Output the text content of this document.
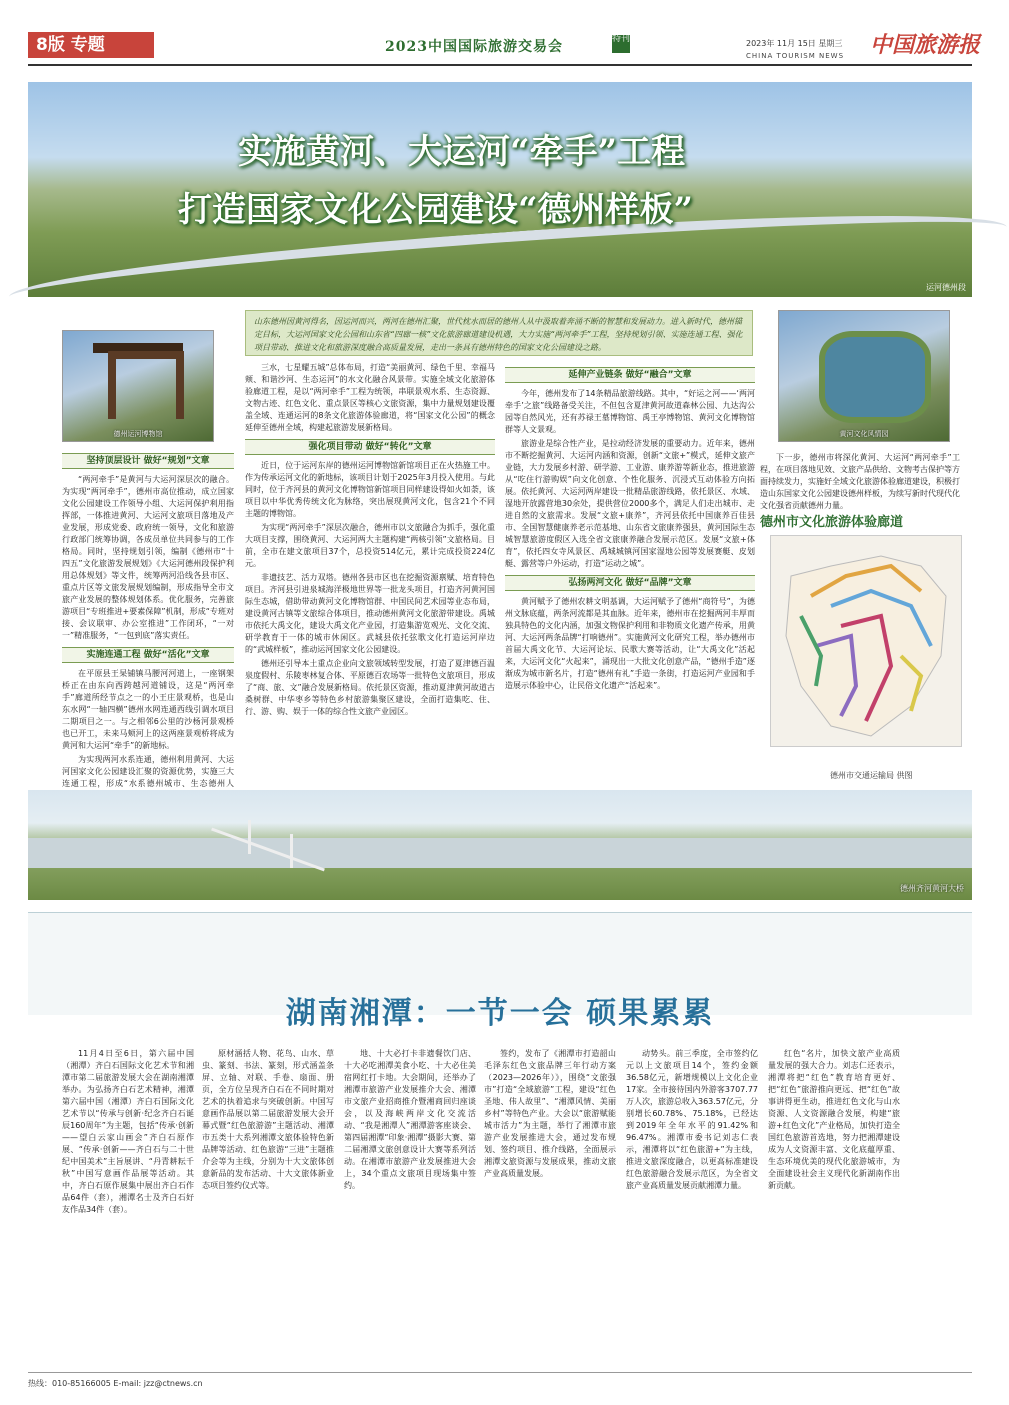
8版 专题	2023中国国际旅游交易会	特刊	2023年 11月 15日 星期三
CHINA TOURISM NEWS 中国旅游报
实施黄河、大运河“牵手”工程
打造国家文化公园建设“德州样板”
运河德州段
山东德州因黄河得名，因运河而兴，两河在德州汇聚，世代枕水而居的德州人从中汲取着奔涌不断的智慧和发展动力。进入新时代，德州锚定目标，大运河国家文化公园和山东省“四廊一核”文化旅游廊道建设机遇，大力实施“两河牵手”工程，坚持规划引领、实施连通工程、强化项目带动、推进文化和旅游深度融合高质量发展，走出一条具有德州特色的国家文化公园建设之路。
德州运河博物馆	黄河文化风情园
坚持顶层设计 做好“规划”文章

“两河牵手”是黄河与大运河深层次的融合。为实现“两河牵手”，德州市高位推动，成立国家文化公园建设工作领导小组、大运河保护利用指挥部，一体推进黄河、大运河文旅项目落地及产业发展，形成党委、政府统一领导，文化和旅游行政部门统筹协调，各成员单位共同参与的工作格局。同时，坚持规划引领，编制《德州市“十四五”文化旅游发展规划》《大运河德州段保护利用总体规划》等文件，统筹两河沿线各县市区、重点片区等文旅发展规划编制，形成指导全市文旅产业发展的整体规划体系。优化服务，完善旅游项目“专班推进+要素保障”机制，形成“专班对接、会议联审、办公室推进”工作闭环，“一对一”精准服务，“一包到底”落实责任。

实施连通工程 做好“活化”文章

在平原县王杲铺镇马腰河河道上，一座钢架桥正在由东向西跨越河道铺设，这是“两河牵手”廊道所经节点之一的小王庄景观桥，也是山东水网“一轴四横”德州水网连通西线引调水项目二期项目之一。与之相邻6公里的沙杨河景观桥也已开工，未来马颊河上的这两座景观桥将成为黄河和大运河“牵手”的新地标。

为实现两河水系连通，德州利用黄河、大运河国家文化公园建设汇聚的资源优势，实施三大连通工程，形成“水系德州城市、生态德州人

三水，七星耀五城”总体布局，打造“美丽黄河、绿色千里、幸福马颊、和谐沙河、生态运河”的水文化融合风景带。实施全域文化旅游体验廊道工程，是以“两河牵手”工程为统领，串联景观水系、生态资源、文物古迹、红色文化、重点景区等核心文旅资源，集中力量规划建设覆盖全域、连通运河的8条文化旅游体验廊道，将“国家文化公园”的概念延伸至德州全域，构建起旅游发展新格局。

强化项目带动 做好“转化”文章

近日，位于运河东岸的德州运河博物馆新馆项目正在火热施工中。作为传承运河文化的新地标，该项目计划于2025年3月投入使用。与此同时，位于齐河县的黄河文化博物馆新馆项目同样建设得如火如荼，该项目以中华优秀传统文化为脉络，突出展现黄河文化，包含21个不同主题的博物馆。

为实现“两河牵手”深层次融合，德州市以文旅融合为抓手，强化重大项目支撑，围绕黄河、大运河两大主题构建“两核引领”文旅格局。目前，全市在建文旅项目37个，总投资514亿元，累计完成投资224亿元。

非遗技艺、活力双塔。德州各县市区也在挖掘资源禀赋、培育特色项目。齐河县引进泉城海洋极地世界等一批龙头项目，打造齐河黄河国际生态城，借助带动黄河文化博物馆群、中国民间艺术园等业态布局，建设黄河古镇等文旅综合体项目，推动德州黄河文化旅游带建设。禹城市依托大禹文化，建设大禹文化产业园，打造集游览观光、文化交流、研学教育于一体的城市休闲区。武城县依托弦歌文化打造运河岸边的“武城样板”，推动运河国家文化公园建设。

德州还引导本土重点企业向文旅领域转型发展，打造了夏津德百温泉度假村、乐陵枣林复合体、平原德百农场等一批特色文旅项目，形成了“商、旅、文”融合发展新格局。依托景区资源，推动夏津黄河故道古桑树群、中华枣乡等特色乡村旅游集聚区建设，全面打造集吃、住、行、游、购、娱于一体的综合性文旅产业园区。

延伸产业链条 做好“融合”文章

今年，德州发布了14条精品旅游线路。其中，“好运之河——‘两河牵手’之旅”线路备受关注，不但包含夏津黄河故道森林公园、九达沟公园等自然风光，还有苏禄王墓博物馆、禹王亭博物馆、黄河文化博物馆群等人文景观。

旅游业是综合性产业，是拉动经济发展的重要动力。近年来，德州市不断挖掘黄河、大运河内涵和资源，创新“文旅+”模式，延伸文旅产业链，大力发展乡村游、研学游、工业游、康养游等新业态，推进旅游从“吃住行游购娱”向文化创意、个性化服务、沉浸式互动体验方向拓展。依托黄河、大运河两岸建设一批精品旅游线路，依托景区、水域、湿地开放露营地30余处，提供营位2000多个，满足人们走出城市、走进自然的文旅需求。发展“文旅+康养”，齐河县依托中国康养百佳县市、全国智慧健康养老示范基地、山东省文旅康养强县，黄河国际生态城智慧旅游度假区入选全省文旅康养融合发展示范区。发展“文旅+体育”，依托四女寺风景区、禹城城镇河国家湿地公园等发展赛艇、皮划艇、露营等户外运动，打造“运动之城”。

弘扬两河文化 做好“品牌”文章

黄河赋予了德州农耕文明基调，大运河赋予了德州“商符号”，为德州文脉底蕴，两条河流都是其血脉。近年来，德州市在挖掘两河丰厚而独具特色的文化内涵，加强文物保护利用和非物质文化遗产传承，用黄河、大运河两条品牌“打响德州”。实施黄河文化研究工程，举办德州市首届大禹文化节、大运河论坛、民歌大赛等活动，让“大禹文化”活起来，大运河文化“火起来”，涌现出一大批文化创意产品，“德州手造”逐渐成为城市新名片，打造“德州有礼”手造一条街，打造运河产业园和手造展示体验中心，让民俗文化遗产“活起来”。

下一步，德州市将深化黄河、大运河“两河牵手”工程，在项目落地见效、文旅产品供给、文物考古保护等方面持续发力，实施好全域文化旅游体验廊道建设，积极打造山东国家文化公园建设德州样板，为续写新时代现代化文化强省贡献德州力量。

德州市文化旅游体验廊道
德州市交通运输局 供图
德州齐河黄河大桥
湖南湘潭：一节一会 硕果累累

11月4日至6日，第六届中国（湘潭）齐白石国际文化艺术节和湘潭市第二届旅游发展大会在湖南湘潭举办。为弘扬齐白石艺术精神，湘潭第六届中国（湘潭）齐白石国际文化艺术节以“传承与创新·纪念齐白石诞辰160周年”为主题，包括“传承·创新——望白云家山画会”齐白石原作展、“传承·创新——齐白石与二十世纪中国美术”主旨展讲、“丹青耕耘千秋”中国写意画作品展等活动。其中，齐白石原作展集中展出齐白石作品64件（套），湘潭名士及齐白石好友作品34件（套）。

原材涵括人物、花鸟、山水、草虫、篆刻、书法、篆刻，形式涵盖条屏、立轴、对联、手卷、扇面、册页，全方位呈现齐白石在不同时期对艺术的执着追求与突破创新。中国写意画作品展以第二届旅游发展大会开幕式暨“红色旅游游”主题活动、湘潭市五类十大系列湘潭文旅体验特色新品牌等活动、红色旅游“三进”主题推介会等为主线，分别为十大文旅体创意新品的发布活动、十大文旅体新业态项目签约仪式等。

地、十大必打卡非遗餐饮门店、十大必吃湘潭美食小吃、十大必住美宿网红打卡地。大会期间，还举办了湘潭市旅游产业发展推介大会、湘潭市文旅产业招商推介暨湘商回归座谈会，以及海峡两岸文化交流活动、“我是湘潭人”湘潭游客座谈会、第四届湘潭“印象·湘潭”摄影大赛、第二届湘潭文旅创意设计大赛等系列活动。在湘潭市旅游产业发展推进大会上，34个重点文旅项目现场集中签约。

签约，发布了《湘潭市打造韶山毛泽东红色文旅品牌三年行动方案（2023—2026年）》，围绕“文旅强市”打造“全域旅游”工程，建设“红色圣地、伟人故里”、“湘潭风情、美丽乡村”等特色产业。大会以“旅游赋能城市活力”为主题，举行了湘潭市旅游产业发展推进大会，通过发布规划、签约项目、推介线路，全面展示湘潭文旅资源与发展成果，推动文旅产业高质量发展。

动势头。前三季度，全市签约亿元以上文旅项目14个，签约金额36.58亿元，新增规模以上文化企业17家。全市接待国内外游客3707.77万人次，旅游总收入363.57亿元，分别增长60.78%、75.18%，已经达到2019年全年水平的91.42%和96.47%。湘潭市委书记刘志仁表示，湘潭将以“红色旅游+”为主线，推进文旅深度融合，以更高标准建设红色旅游融合发展示范区，为全省文旅产业高质量发展贡献湘潭力量。

红色“名片，加快文旅产业高质量发展的强大合力。刘志仁还表示，湘潭将把“红色”教育培育更好、把“红色”旅游推向更远、把“红色”故事讲得更生动，推进红色文化与山水资源、人文资源融合发展，构建“旅游+红色文化”产业格局，加快打造全国红色旅游首选地，努力把湘潭建设成为人文资源丰富、文化底蕴厚重、生态环境优美的现代化旅游城市，为全面建设社会主义现代化新湖南作出新贡献。

热线：010-85166005 E-mail: jzz@ctnews.cn
